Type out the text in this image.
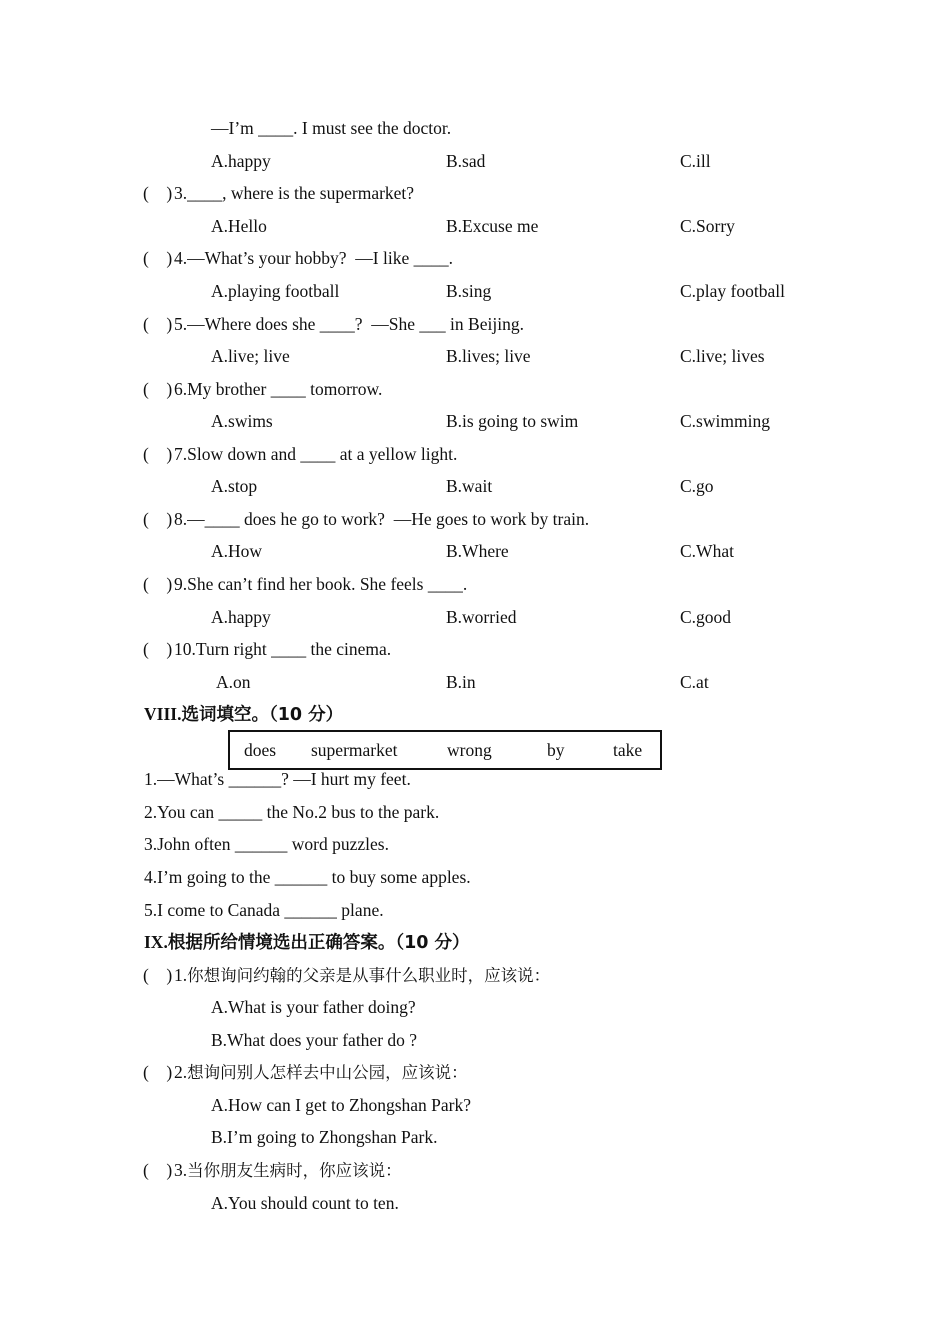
—I’m ____. I must see the doctor.
A.happy	B.sad	C.ill
(    ) 3.____, where is the supermarket?
A.Hello	B.Excuse me	C.Sorry
(    ) 4.—What’s your hobby?  —I like ____.
A.playing football	B.sing	C.play football
(    ) 5.—Where does she ____?  —She ___ in Beijing.
A.live; live	B.lives; live	C.live; lives
(    ) 6.My brother ____ tomorrow.
A.swims	B.is going to swim	C.swimming
(    ) 7.Slow down and ____ at a yellow light.
A.stop	B.wait	C.go
(    ) 8.—____ does he go to work?  —He goes to work by train.
A.How	B.Where	C.What
(    ) 9.She can’t find her book. She feels ____.
A.happy	B.worried	C.good
(    ) 10.Turn right ____ the cinema.
A.on	B.in	C.at
VIII.选词填空。（10 分）
does supermarket	wrong	by	take
1.—What’s ______? —I hurt my feet.
2.You can _____ the No.2 bus to the park.
3.John often ______ word puzzles.
4.I’m going to the ______ to buy some apples.
5.I come to Canada ______ plane.
IX.根据所给情境选出正确答案。（10 分）
(    ) 1.你想询问约翰的父亲是从事什么职业时，应该说：
A.What is your father doing?
B.What does your father do ?
(    ) 2.想询问别人怎样去中山公园，应该说：
A.How can I get to Zhongshan Park?
B.I’m going to Zhongshan Park.
(    ) 3.当你朋友生病时，你应该说：
A.You should count to ten.
